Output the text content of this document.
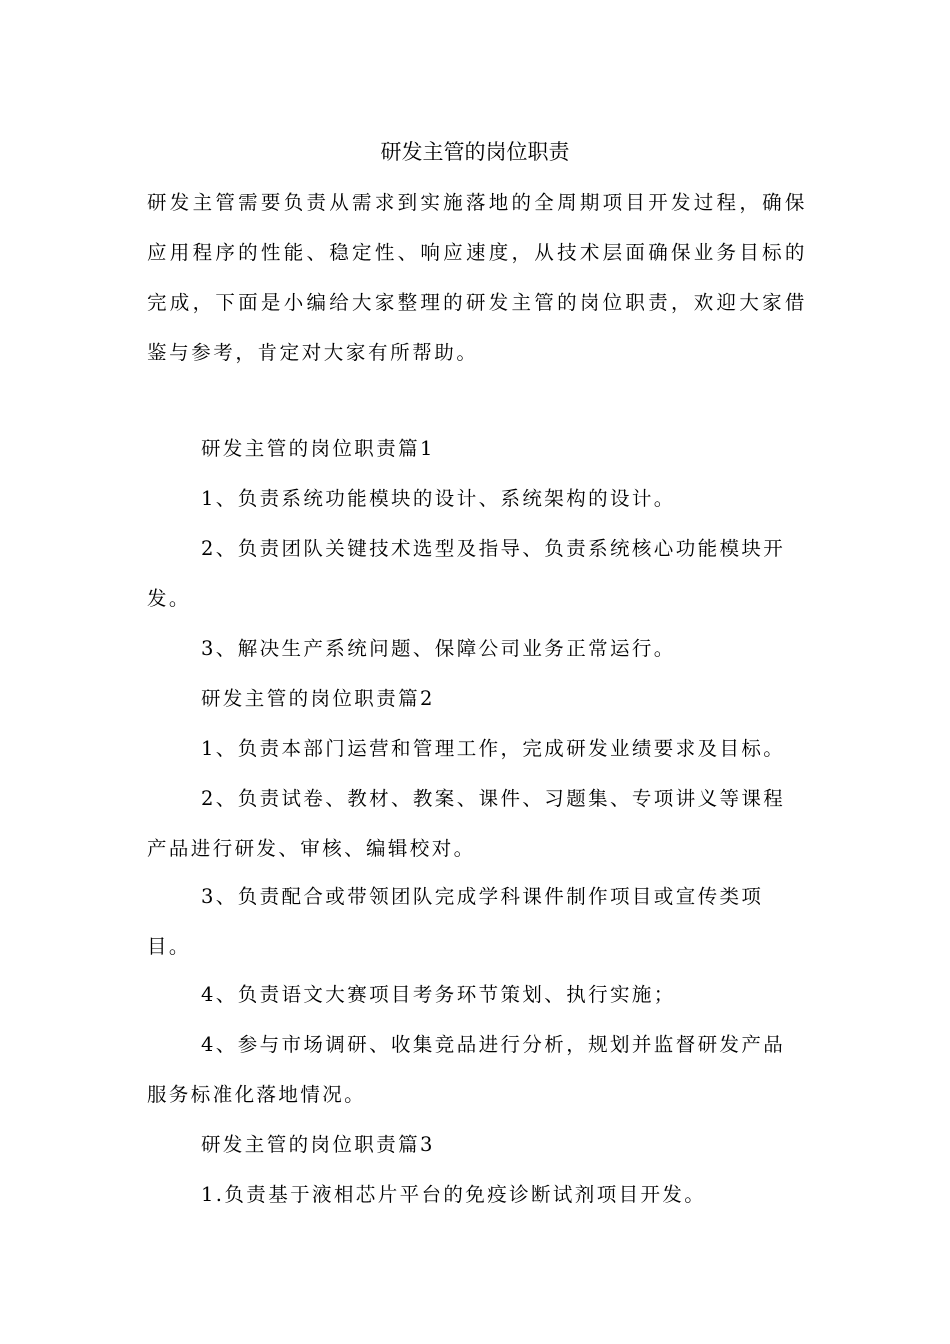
研发主管的岗位职责

研发主管需要负责从需求到实施落地的全周期项目开发过程，确保应用程序的性能、稳定性、响应速度，从技术层面确保业务目标的完成，下面是小编给大家整理的研发主管的岗位职责，欢迎大家借鉴与参考，肯定对大家有所帮助。

研发主管的岗位职责篇1

1、负责系统功能模块的设计、系统架构的设计。

2、负责团队关键技术选型及指导、负责系统核心功能模块开发。

3、解决生产系统问题、保障公司业务正常运行。

研发主管的岗位职责篇2

1、负责本部门运营和管理工作，完成研发业绩要求及目标。

2、负责试卷、教材、教案、课件、习题集、专项讲义等课程产品进行研发、审核、编辑校对。

3、负责配合或带领团队完成学科课件制作项目或宣传类项目。

4、负责语文大赛项目考务环节策划、执行实施；

4、参与市场调研、收集竞品进行分析，规划并监督研发产品服务标准化落地情况。

研发主管的岗位职责篇3

1.负责基于液相芯片平台的免疫诊断试剂项目开发。
